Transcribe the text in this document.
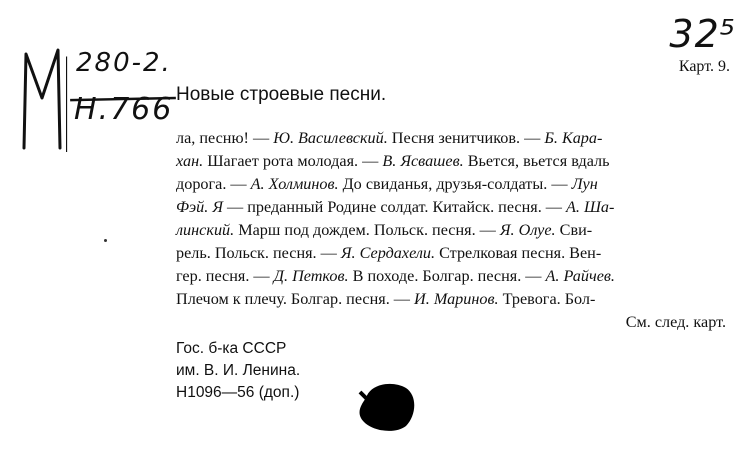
280-2.
H.766
32⁵
Карт. 9.
Новые строевые песни.
ла, песню! — Ю. Василевский. Песня зенитчиков. — Б. Кара-
хан. Шагает рота молодая. — В. Ясвашев. Вьется, вьется вдаль
дорога. — А. Холминов. До свиданья, друзья-солдаты. — Лун
Фэй. Я — преданный Родине солдат. Китайск. песня. — А. Ша-
линский. Марш под дождем. Польск. песня. — Я. Олуе. Сви-
рель. Польск. песня. — Я. Сердахели. Стрелковая песня. Вен-
гер. песня. — Д. Петков. В походе. Болгар. песня. — А. Райчев.
Плечом к плечу. Болгар. песня. — И. Маринов. Тревога. Бол-
См. след. карт.
Гос. б-ка СССР
им. В. И. Ленина.
Н1096—56 (доп.)
